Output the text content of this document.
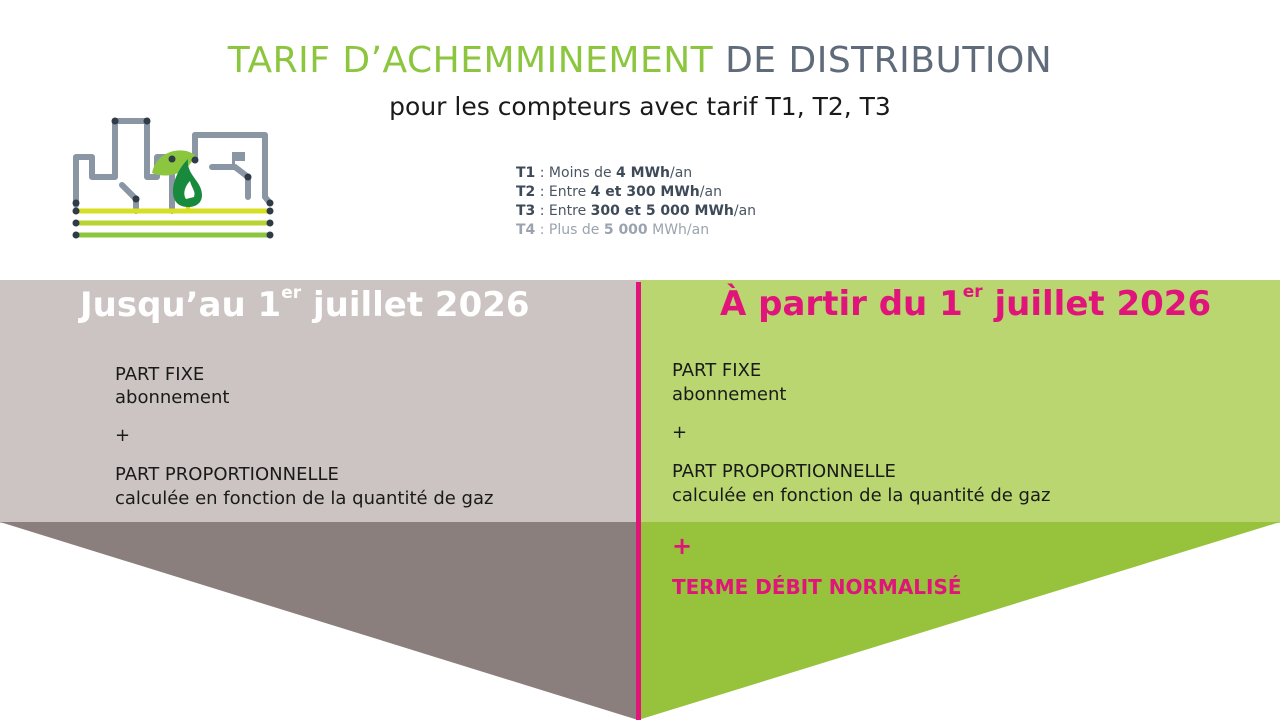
TARIF D’ACHEMMINEMENT DE DISTRIBUTION
pour les compteurs avec tarif T1, T2, T3
T1 : Moins de 4 MWh/an
T2 : Entre 4 et 300 MWh/an
T3 : Entre 300 et 5 000 MWh/an
T4 : Plus de 5 000 MWh/an
Jusqu’au 1er juillet 2026	À partir du 1er juillet 2026
PART FIXE
abonnement
+
PART PROPORTIONNELLE
calculée en fonction de la quantité de gaz
PART FIXE
abonnement
+
PART PROPORTIONNELLE
calculée en fonction de la quantité de gaz
+
TERME DÉBIT NORMALISÉ
